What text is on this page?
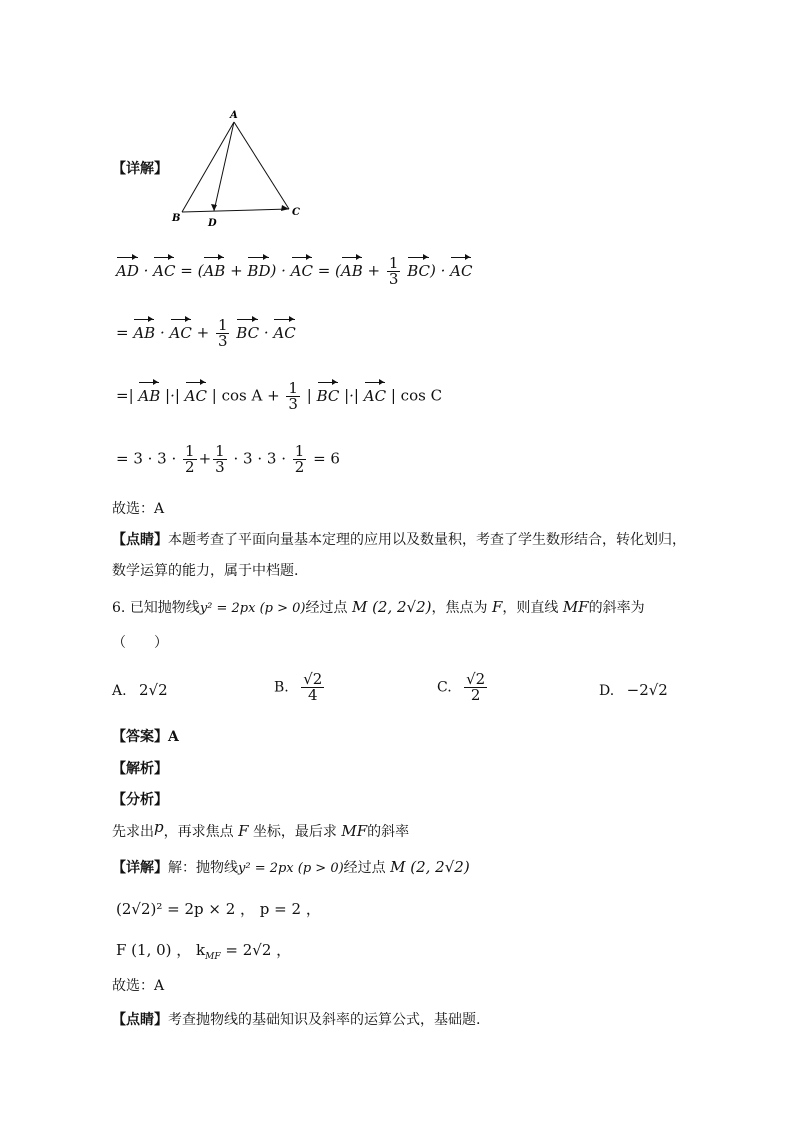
A
B
C
D
【详解】
AD · AC = (AB + BD) · AC = $(AB + \frac{1}{3} BC)$ · AC
= AB · AC + $\frac{1}{3}$ BC · AC
=| AB |·| AC | $\cos A + \frac{1}{3}$ | BC |·| AC | cos C
= $3 \cdot 3 \cdot \frac{1}{2} + \frac{1}{3} \cdot 3 \cdot 3 \cdot \frac{1}{2} = 6$
故选：A
【点睛】本题考查了平面向量基本定理的应用以及数量积，考查了学生数形结合，转化划归，
数学运算的能力，属于中档题.
6. 已知抛物线y² = 2px (p > 0)经过点 M (2, 2√2)，焦点为 F，则直线 MF的斜率为
（　　）
A. 2√2	B. $\frac{√2}{4}$	C. $\frac{√2}{2}$	D. −2√2
【答案】A
【解析】
【分析】
先求出p，再求焦点 F 坐标，最后求 MF的斜率
【详解】解：抛物线y² = 2px (p > 0)经过点 M (2, 2√2)
(2√2)² = 2p × 2 ， p = 2 ，
F (1, 0) ， $k_{MF} = 2√2$ ，
故选：A
【点睛】考查抛物线的基础知识及斜率的运算公式，基础题.
